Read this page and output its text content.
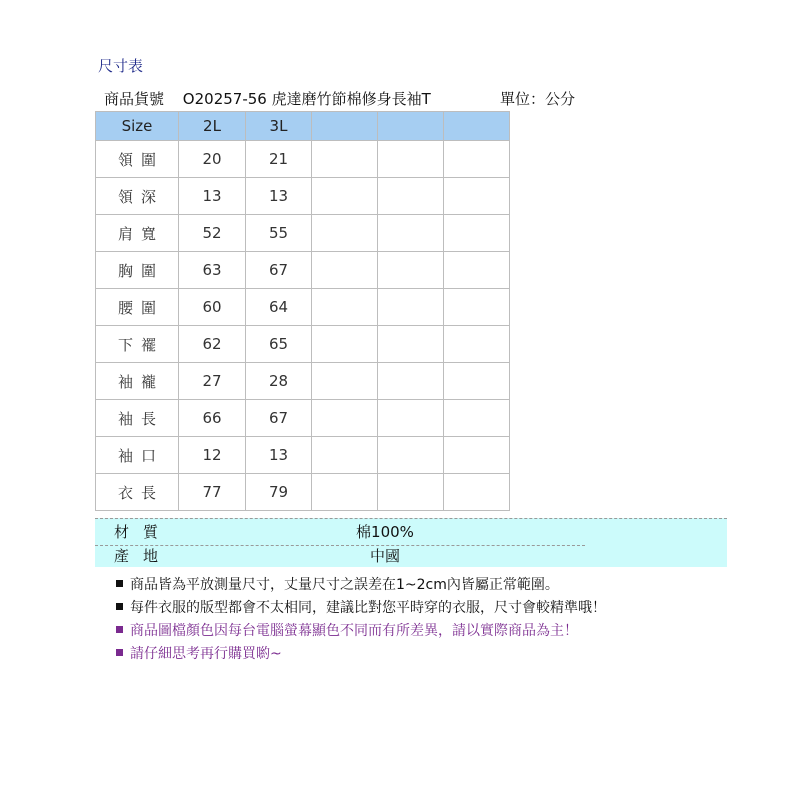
尺寸表
商品貨號 O20257-56 虎達磨竹節棉修身長袖T	單位：公分
Size	2L	3L			
領圍	20	21			
領深	13	13			
肩寬	52	55			
胸圍	63	67			
腰圍	60	64			
下襬	62	65			
袖襱	27	28			
袖長	66	67			
袖口	12	13			
衣長	77	79			
材質	棉100%
產地	中國
商品皆為平放測量尺寸，丈量尺寸之誤差在1~2cm內皆屬正常範圍。
每件衣服的版型都會不太相同，建議比對您平時穿的衣服，尺寸會較精準哦！
商品圖檔顏色因每台電腦螢幕顯色不同而有所差異，請以實際商品為主！
請仔細思考再行購買喲~
